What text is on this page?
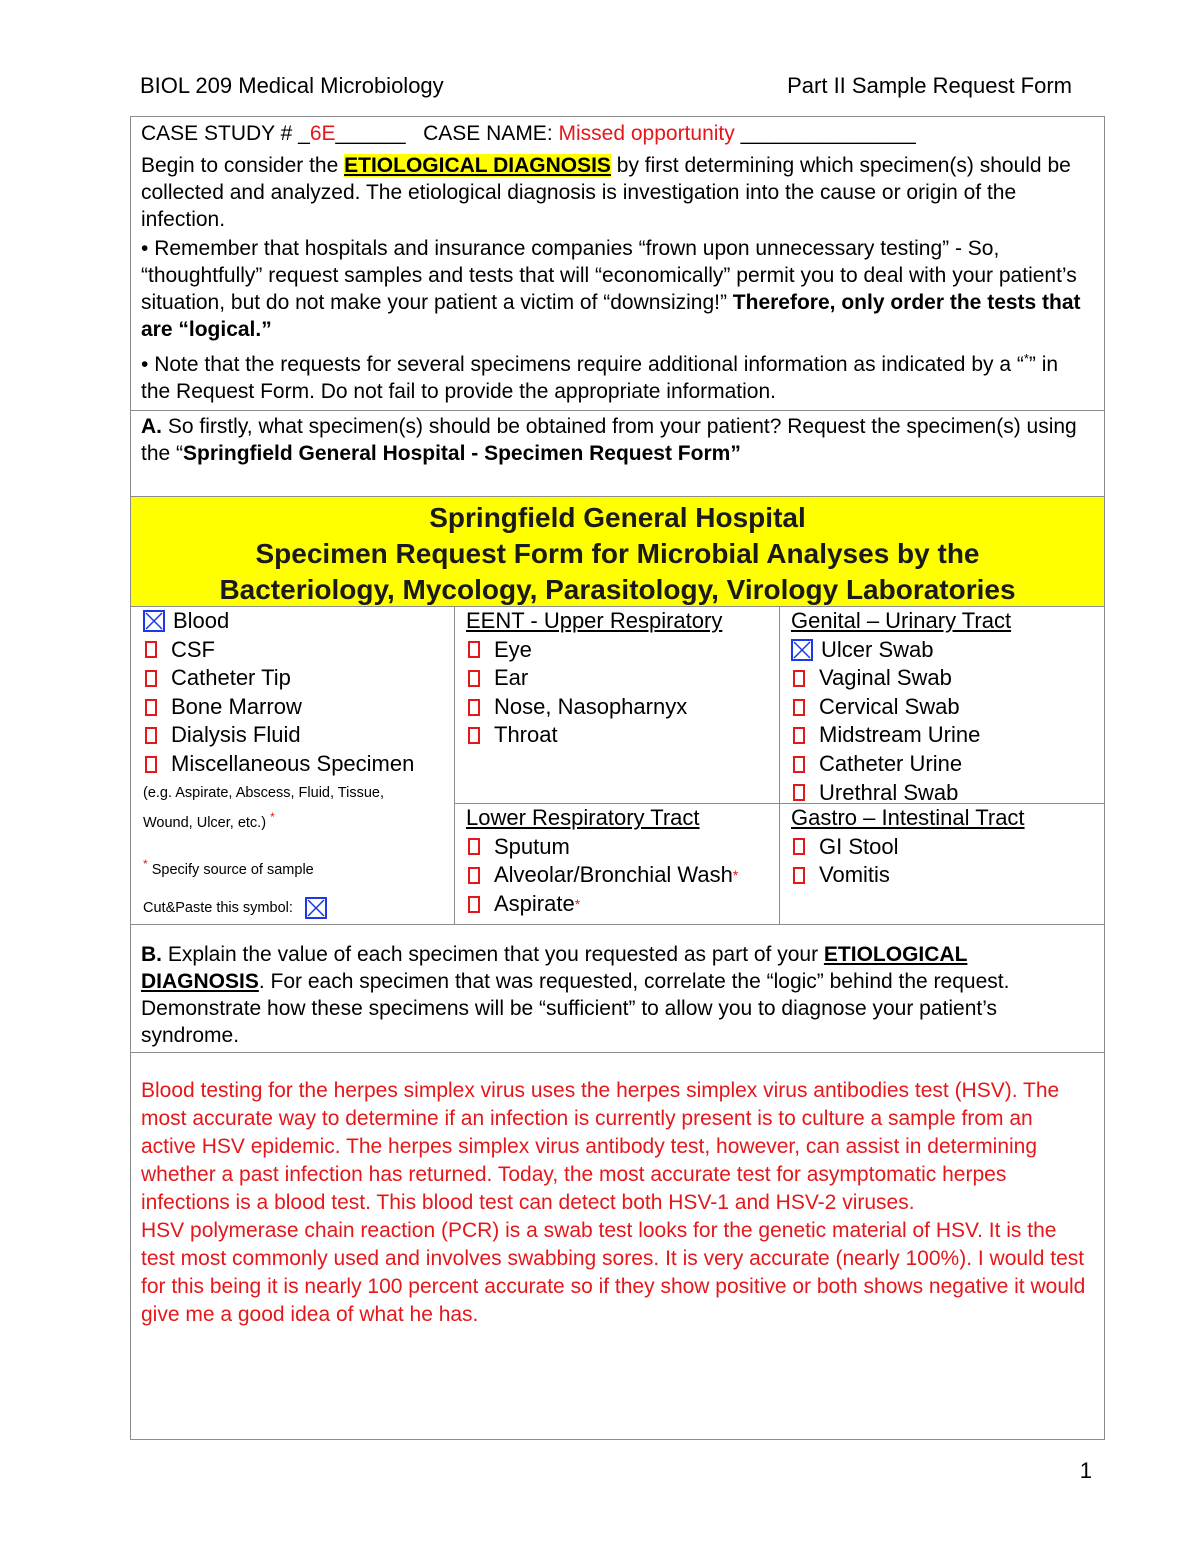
BIOL 209 Medical Microbiology	Part II Sample Request Form
CASE STUDY # _6E______ CASE NAME: Missed opportunity _______________

Begin to consider the ETIOLOGICAL DIAGNOSIS by first determining which specimen(s) should be collected and analyzed. The etiological diagnosis is investigation into the cause or origin of the infection.

• Remember that hospitals and insurance companies “frown upon unnecessary testing” - So, “thoughtfully” request samples and tests that will “economically” permit you to deal with your patient’s situation, but do not make your patient a victim of “downsizing!” Therefore, only order the tests that are “logical.”

• Note that the requests for several specimens require additional information as indicated by a “*” in the Request Form. Do not fail to provide the appropriate information.

A. So firstly, what specimen(s) should be obtained from your patient? Request the specimen(s) using the “Springfield General Hospital - Specimen Request Form”
Springfield General Hospital
Specimen Request Form for Microbial Analyses by the
Bacteriology, Mycology, Parasitology, Virology Laboratories
Blood
CSF
Catheter Tip
Bone Marrow
Dialysis Fluid
Miscellaneous Specimen
(e.g. Aspirate, Abscess, Fluid, Tissue, Wound, Ulcer, etc.) *
* Specify source of sample
Cut&Paste this symbol:
EENT - Upper Respiratory
Eye
Ear
Nose, Nasopharnyx
Throat
Genital – Urinary Tract
Ulcer Swab
Vaginal Swab
Cervical Swab
Midstream Urine
Catheter Urine
Urethral Swab
Lower Respiratory Tract
Sputum
Alveolar/Bronchial Wash *
Aspirate *
Gastro – Intestinal Tract
GI Stool
Vomitis
B. Explain the value of each specimen that you requested as part of your ETIOLOGICAL DIAGNOSIS. For each specimen that was requested, correlate the “logic” behind the request. Demonstrate how these specimens will be “sufficient” to allow you to diagnose your patient’s syndrome.
Blood testing for the herpes simplex virus uses the herpes simplex virus antibodies test (HSV). The most accurate way to determine if an infection is currently present is to culture a sample from an active HSV epidemic. The herpes simplex virus antibody test, however, can assist in determining whether a past infection has returned. Today, the most accurate test for asymptomatic herpes infections is a blood test. This blood test can detect both HSV-1 and HSV-2 viruses.
HSV polymerase chain reaction (PCR) is a swab test looks for the genetic material of HSV. It is the test most commonly used and involves swabbing sores. It is very accurate (nearly 100%). I would test for this being it is nearly 100 percent accurate so if they show positive or both shows negative it would give me a good idea of what he has.
1
